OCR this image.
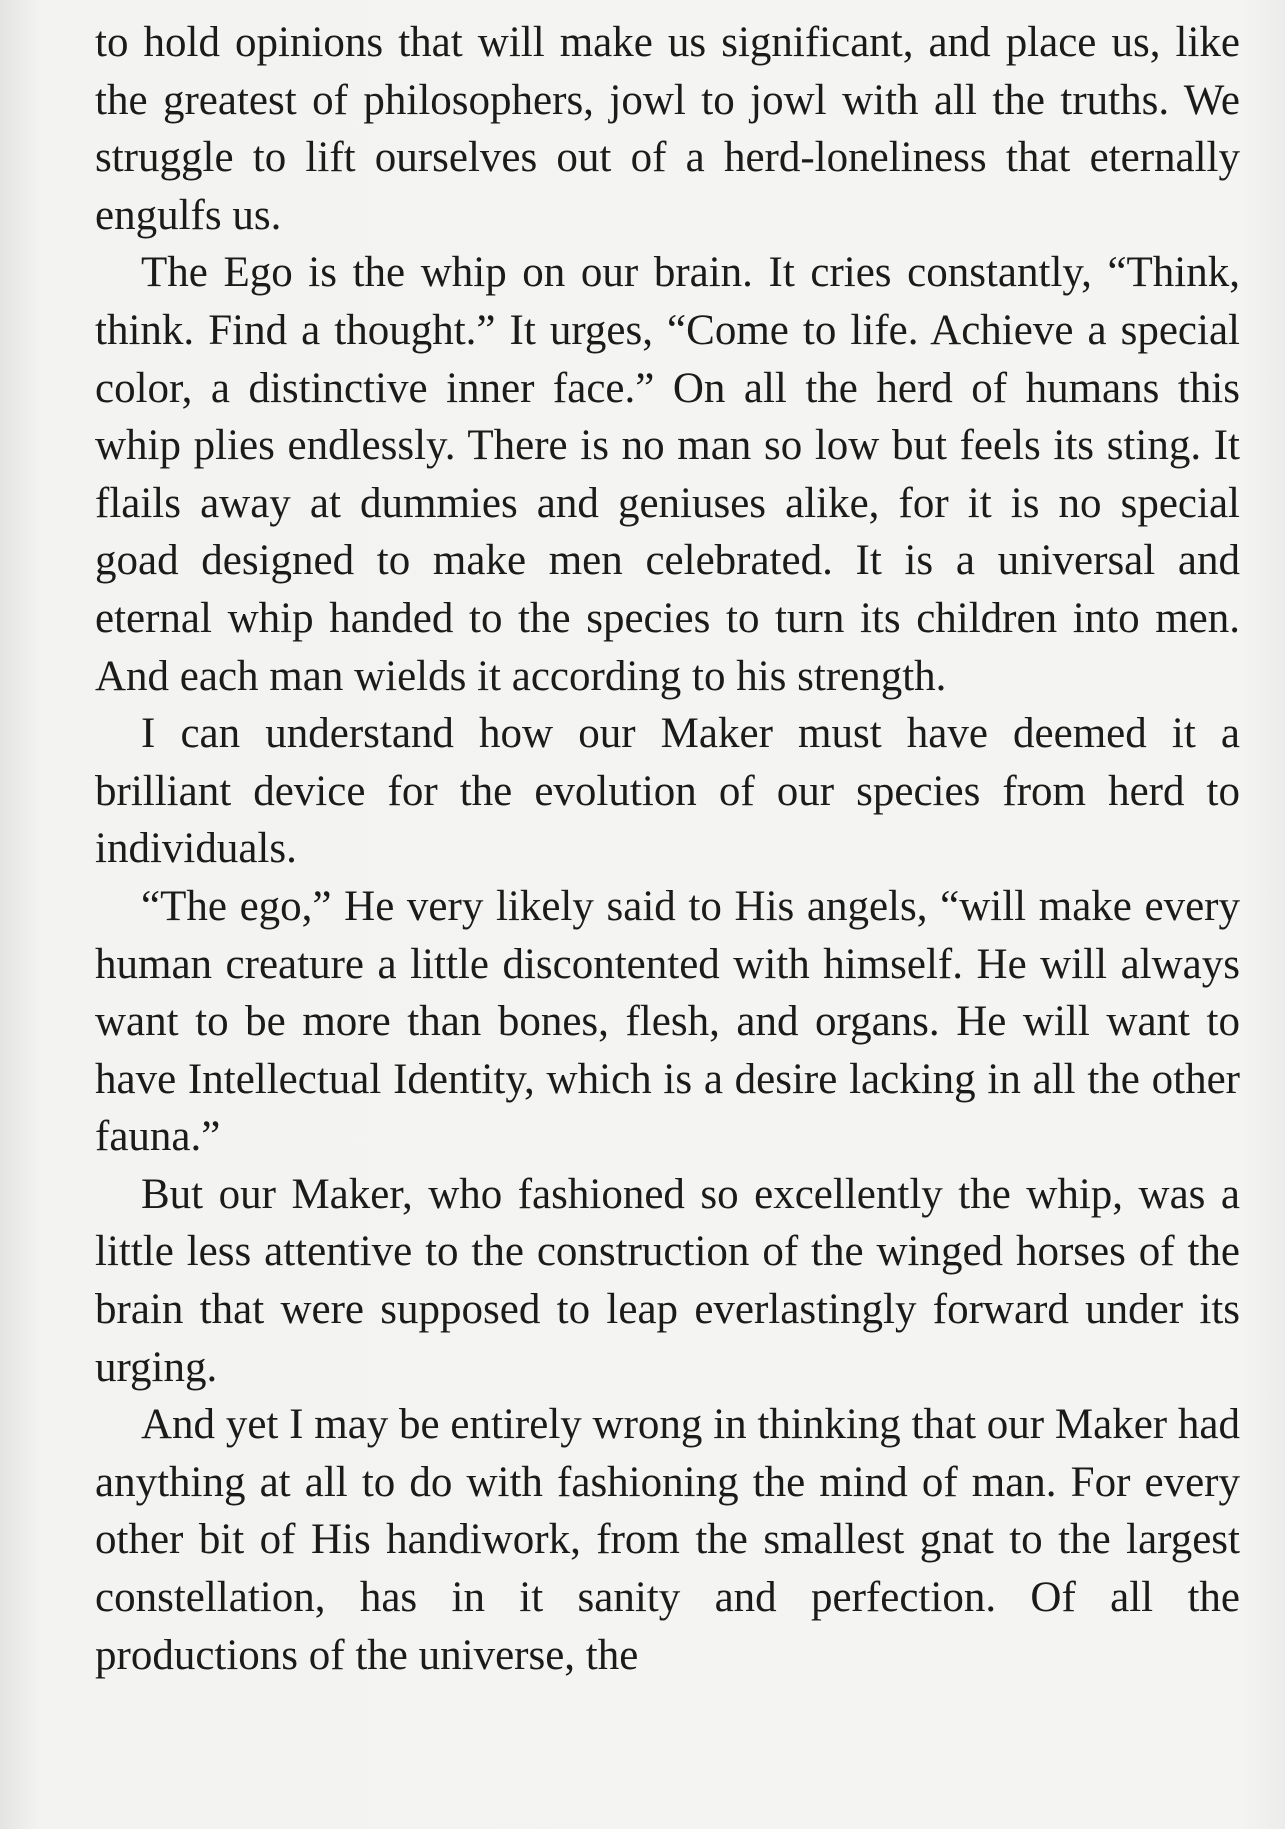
to hold opinions that will make us significant, and place us, like the greatest of philosophers, jowl to jowl with all the truths. We struggle to lift ourselves out of a herd-loneliness that eternally engulfs us.

The Ego is the whip on our brain. It cries constantly, “Think, think. Find a thought.” It urges, “Come to life. Achieve a special color, a distinctive inner face.” On all the herd of humans this whip plies endlessly. There is no man so low but feels its sting. It flails away at dummies and geniuses alike, for it is no special goad designed to make men celebrated. It is a universal and eternal whip handed to the species to turn its children into men. And each man wields it according to his strength.

I can understand how our Maker must have deemed it a brilliant device for the evolution of our species from herd to individuals.

“The ego,” He very likely said to His angels, “will make every human creature a little discontented with himself. He will always want to be more than bones, flesh, and organs. He will want to have Intellectual Identity, which is a desire lacking in all the other fauna.”

But our Maker, who fashioned so excellently the whip, was a little less attentive to the construction of the winged horses of the brain that were supposed to leap everlastingly forward under its urging.

And yet I may be entirely wrong in thinking that our Maker had anything at all to do with fashioning the mind of man. For every other bit of His handiwork, from the smallest gnat to the largest constellation, has in it sanity and perfection. Of all the productions of the universe, the
